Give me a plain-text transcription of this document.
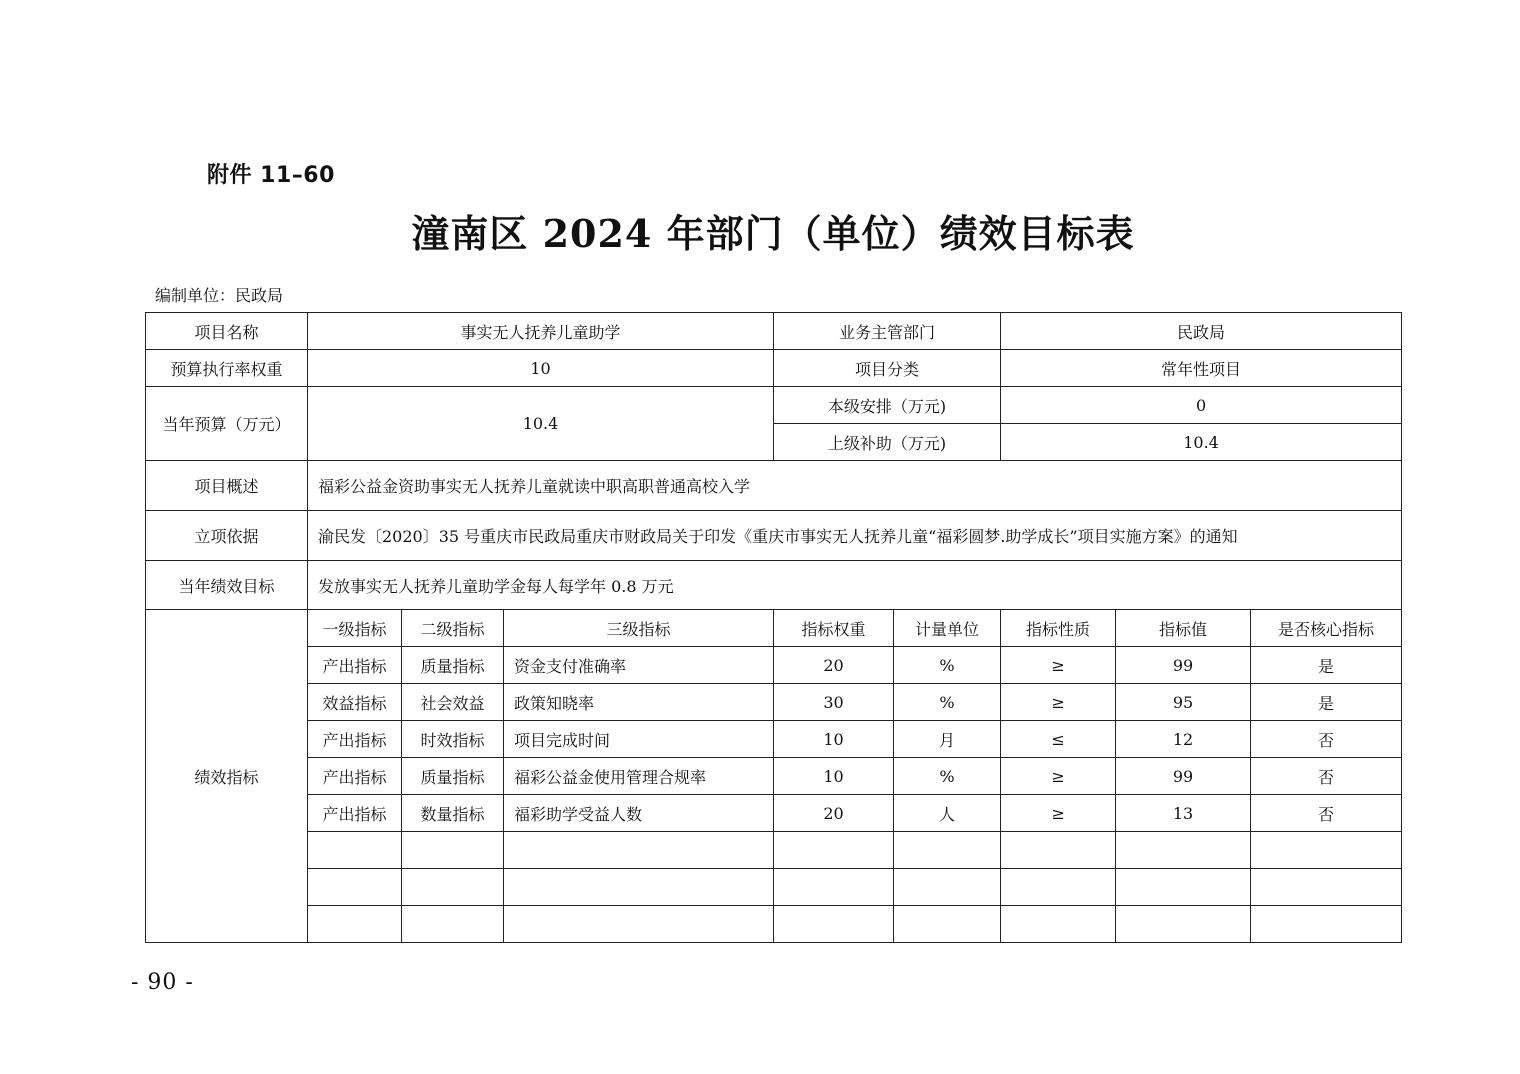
附件 11–60
潼南区 2024 年部门（单位）绩效目标表
编制单位：民政局
项目名称	事实无人抚养儿童助学			业务主管部门		民政局		
预算执行率权重	10			项目分类		常年性项目		
当年预算（万元）	10.4			本级安排（万元)		0		
				上级补助（万元)		10.4		
项目概述	福彩公益金资助事实无人抚养儿童就读中职高职普通高校入学							
立项依据	渝民发〔2020〕35 号重庆市民政局重庆市财政局关于印发《重庆市事实无人抚养儿童“福彩圆梦.助学成长”项目实施方案》的通知							
当年绩效目标	发放事实无人抚养儿童助学金每人每学年 0.8 万元							
绩效指标	一级指标	二级指标	三级指标	指标权重	计量单位	指标性质	指标值	是否核心指标
	产出指标	质量指标	资金支付准确率	20	%	≥	99	是
	效益指标	社会效益	政策知晓率	30	%	≥	95	是
	产出指标	时效指标	项目完成时间	10	月	≤	12	否
	产出指标	质量指标	福彩公益金使用管理合规率	10	%	≥	99	否
	产出指标	数量指标	福彩助学受益人数	20	人	≥	13	否

- 90 -
